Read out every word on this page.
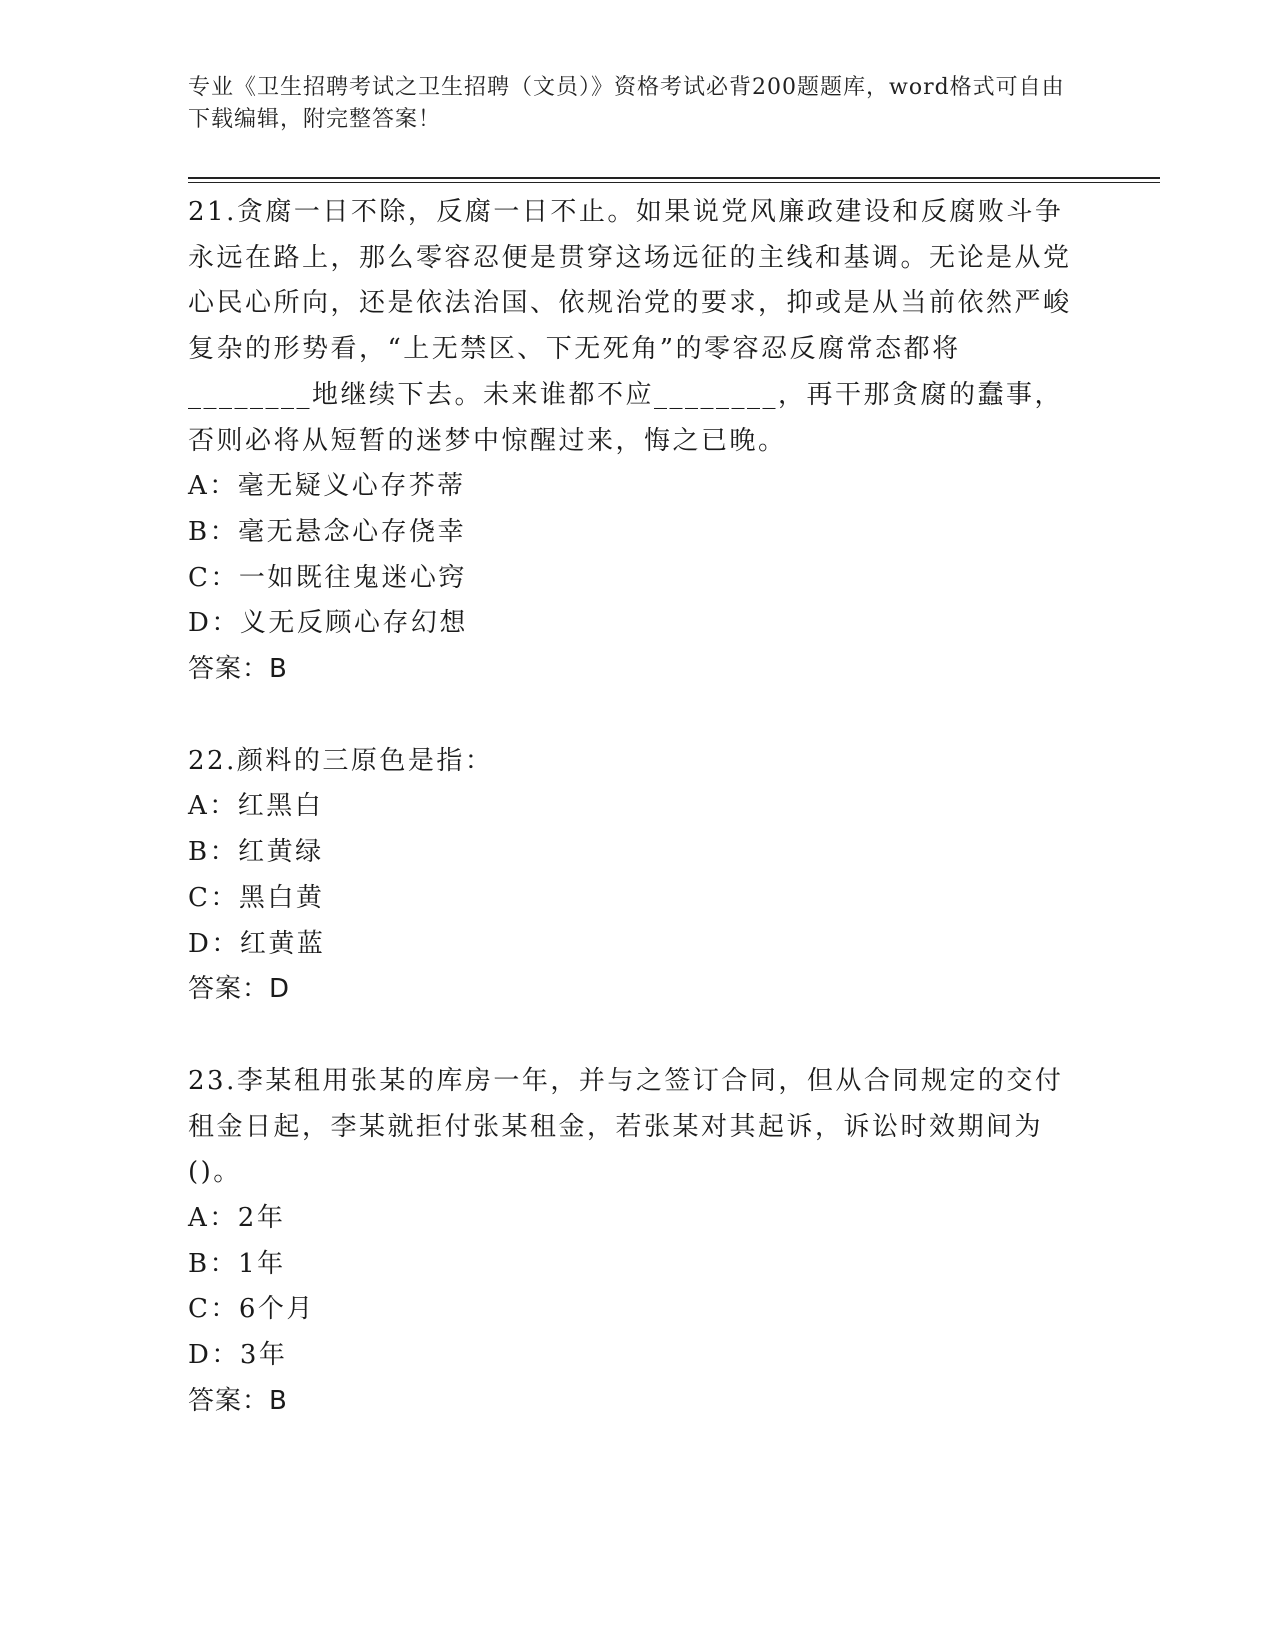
专业《卫生招聘考试之卫生招聘（文员）》资格考试必背200题题库，word格式可自由下载编辑，附完整答案！
21.贪腐一日不除，反腐一日不止。如果说党风廉政建设和反腐败斗争永远在路上，那么零容忍便是贯穿这场远征的主线和基调。无论是从党心民心所向，还是依法治国、依规治党的要求，抑或是从当前依然严峻复杂的形势看，“上无禁区、下无死角”的零容忍反腐常态都将________地继续下去。未来谁都不应________，再干那贪腐的蠢事，否则必将从短暂的迷梦中惊醒过来，悔之已晚。
A：毫无疑义心存芥蒂
B：毫无悬念心存侥幸
C：一如既往鬼迷心窍
D：义无反顾心存幻想
答案：B
22.颜料的三原色是指：
A：红黑白
B：红黄绿
C：黑白黄
D：红黄蓝
答案：D
23.李某租用张某的库房一年，并与之签订合同，但从合同规定的交付租金日起，李某就拒付张某租金，若张某对其起诉，诉讼时效期间为()。
A：2年
B：1年
C：6个月
D：3年
答案：B
